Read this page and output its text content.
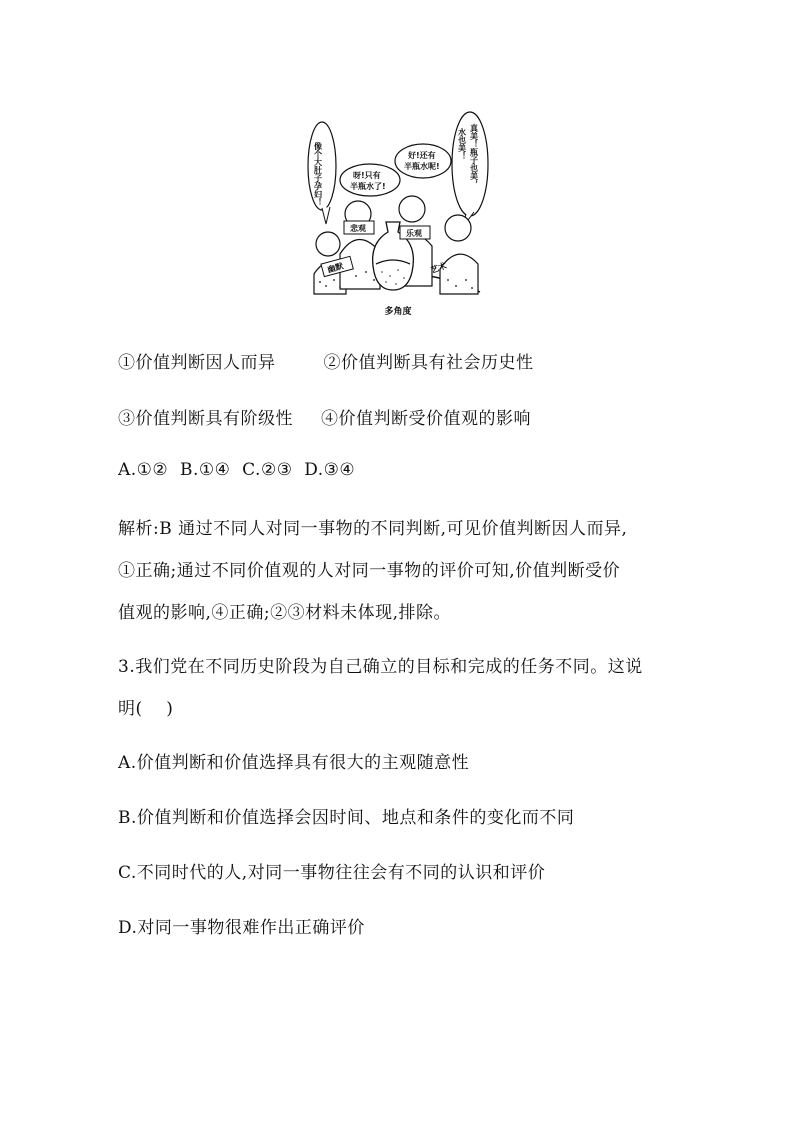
像个大肚子孕妇！	呀!只有
半瓶水了!
好!还有
半瓶水呢!	真美！瓶子也美，
水也美！
悲观
乐观
幽默	艺术
多角度
①价值判断因人而异	②价值判断具有社会历史性
③价值判断具有阶级性 ④价值判断受价值观的影响
A.①②  B.①④  C.②③  D.③④
解析:B 通过不同人对同一事物的不同判断,可见价值判断因人而异,
①正确;通过不同价值观的人对同一事物的评价可知,价值判断受价
值观的影响,④正确;②③材料未体现,排除。
3.我们党在不同历史阶段为自己确立的目标和完成的任务不同。这说
明(    )
A.价值判断和价值选择具有很大的主观随意性
B.价值判断和价值选择会因时间、地点和条件的变化而不同
C.不同时代的人,对同一事物往往会有不同的认识和评价
D.对同一事物很难作出正确评价
